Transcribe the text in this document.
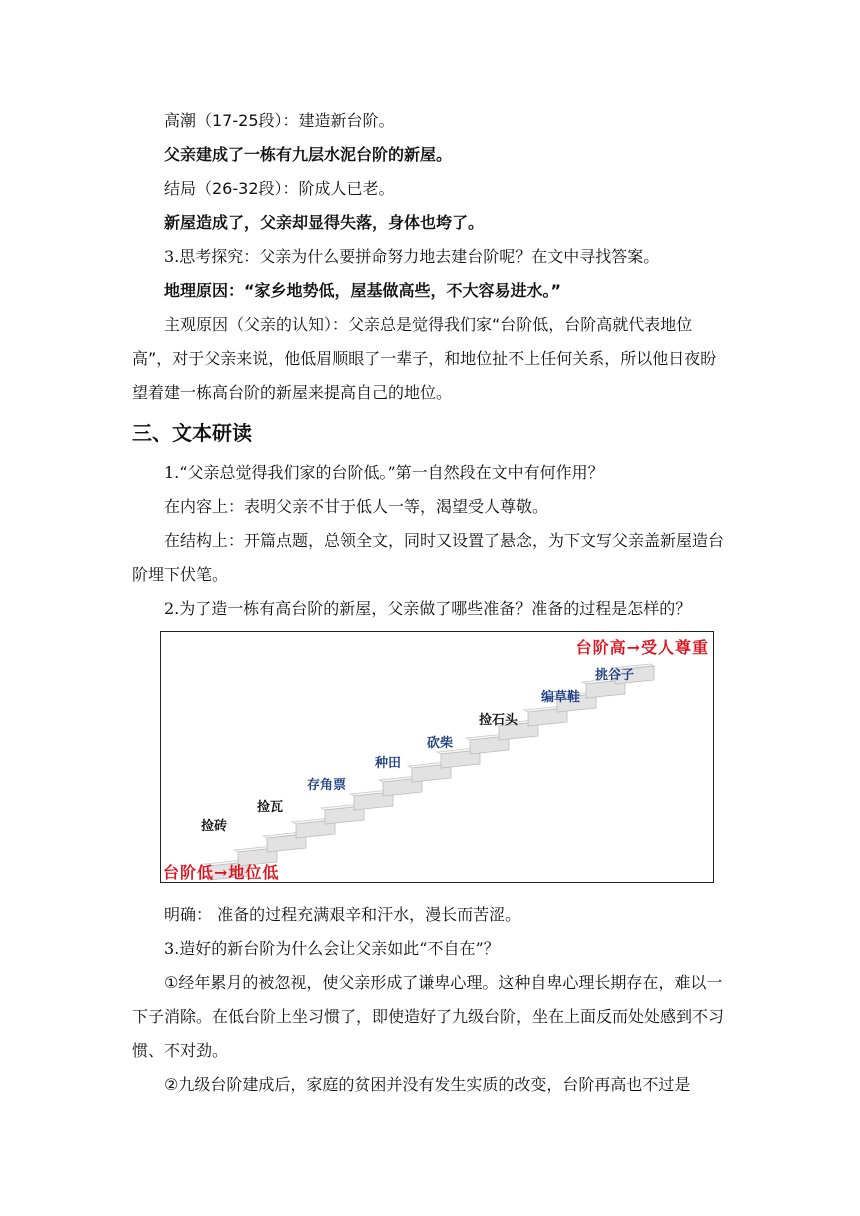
高潮（17-25段）：建造新台阶。

父亲建成了一栋有九层水泥台阶的新屋。

结局（26-32段）：阶成人已老。

新屋造成了，父亲却显得失落，身体也垮了。

3.思考探究：父亲为什么要拼命努力地去建台阶呢？在文中寻找答案。

地理原因：“家乡地势低，屋基做高些，不大容易进水。”

主观原因（父亲的认知）：父亲总是觉得我们家“台阶低，台阶高就代表地位高”，对于父亲来说，他低眉顺眼了一辈子，和地位扯不上任何关系，所以他日夜盼望着建一栋高台阶的新屋来提高自己的地位。

三、文本研读

1.“父亲总觉得我们家的台阶低。”第一自然段在文中有何作用？

在内容上：表明父亲不甘于低人一等，渴望受人尊敬。

在结构上：开篇点题，总领全文，同时又设置了悬念，为下文写父亲盖新屋造台阶埋下伏笔。

2.为了造一栋有高台阶的新屋，父亲做了哪些准备？准备的过程是怎样的？

台阶高→受人尊重
台阶低→地位低
捡砖
捡瓦
存角票
种田
砍柴
捡石头
编草鞋
挑谷子

明确： 准备的过程充满艰辛和汗水，漫长而苦涩。

3.造好的新台阶为什么会让父亲如此“不自在”？

①经年累月的被忽视，使父亲形成了谦卑心理。这种自卑心理长期存在，难以一下子消除。在低台阶上坐习惯了，即使造好了九级台阶，坐在上面反而处处感到不习惯、不对劲。

②九级台阶建成后，家庭的贫困并没有发生实质的改变，台阶再高也不过是
